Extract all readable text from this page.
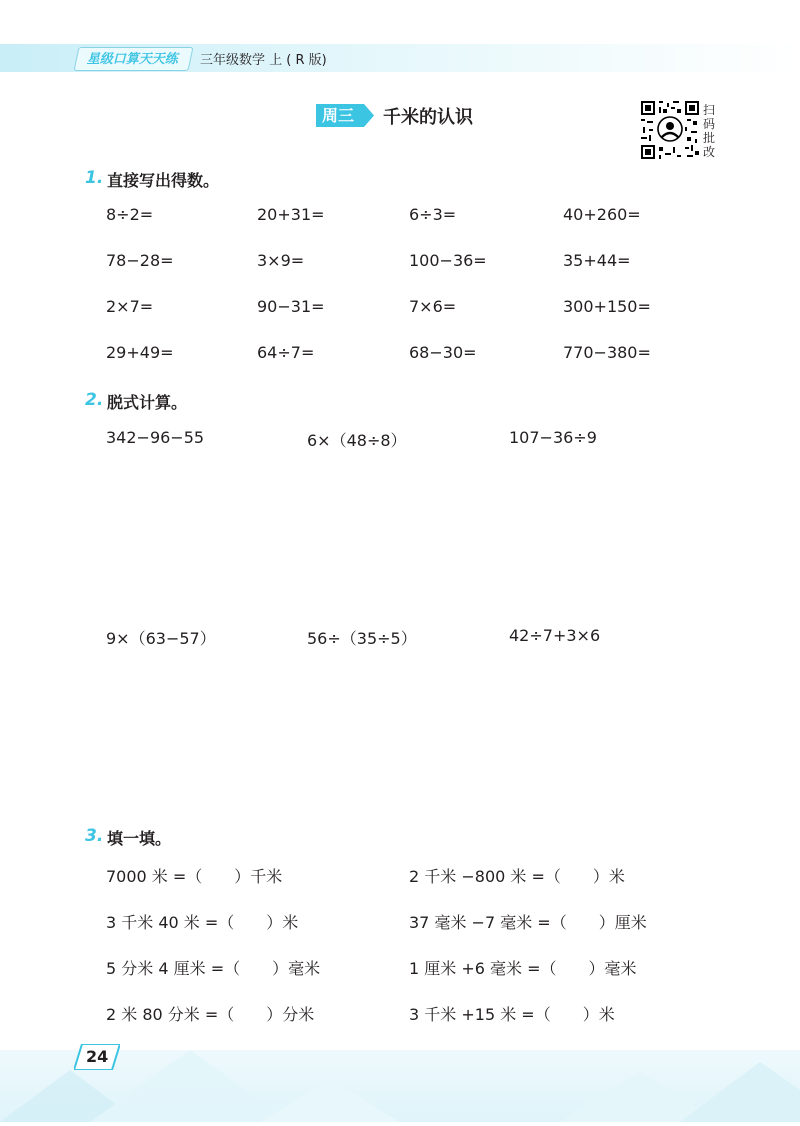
星级口算天天练	三年级数学 上 ( R 版)
周三 千米的认识	扫
码
批
改
1. 直接写出得数。
8÷2=	20+31=	6÷3=	40+260=
78−28=	3×9=	100−36=	35+44=
2×7=	90−31=	7×6=	300+150=
29+49=	64÷7=	68−30=	770−380=
2. 脱式计算。
342−96−55	6×（48÷8）	107−36÷9
9×（63−57）	56÷（35÷5）	42÷7+3×6
3. 填一填。
7000 米 =（　　）千米	2 千米 −800 米 =（　　）米
3 千米 40 米 =（　　）米	37 毫米 −7 毫米 =（　　）厘米
5 分米 4 厘米 =（　　）毫米	1 厘米 +6 毫米 =（　　）毫米
2 米 80 分米 =（　　）分米	3 千米 +15 米 =（　　）米
24
